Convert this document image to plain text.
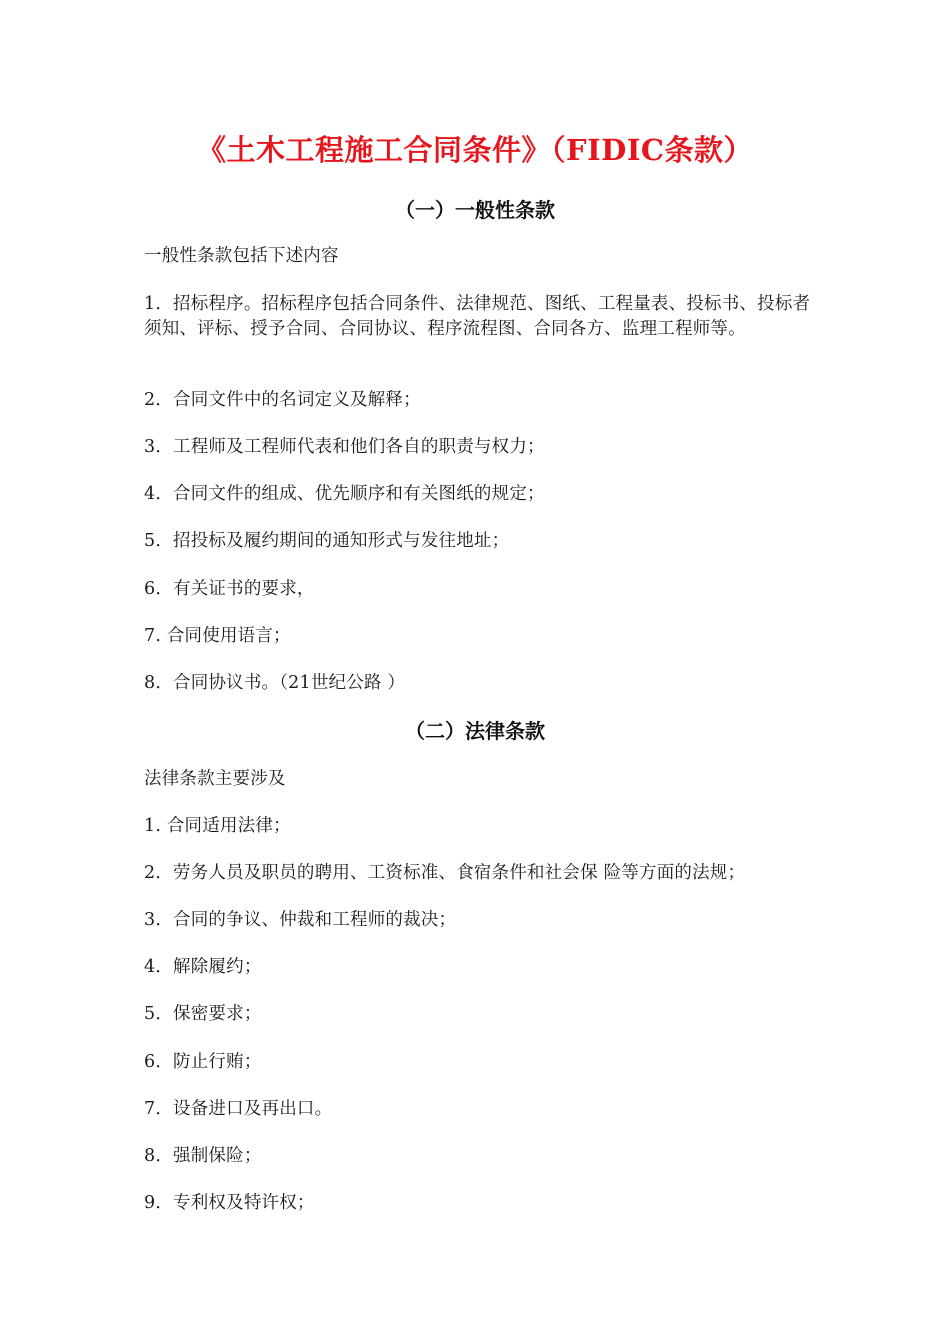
《土木工程施工合同条件》（FIDIC条款）
（一）一般性条款
一般性条款包括下述内容
1．招标程序。招标程序包括合同条件、法律规范、图纸、工程量表、投标书、投标者须知、评标、授予合同、合同协议、程序流程图、合同各方、监理工程师等。
2．合同文件中的名词定义及解释；
3．工程师及工程师代表和他们各自的职责与权力；
4．合同文件的组成、优先顺序和有关图纸的规定；
5．招投标及履约期间的通知形式与发往地址；
6．有关证书的要求，
7. 合同使用语言；
8．合同协议书。（21世纪公路 ）
（二）法律条款
法律条款主要涉及
1. 合同适用法律；
2．劳务人员及职员的聘用、工资标准、食宿条件和社会保 险等方面的法规；
3．合同的争议、仲裁和工程师的裁决；
4．解除履约；
5．保密要求；
6．防止行贿；
7．设备进口及再出口。
8．强制保险；
9．专利权及特许权；
